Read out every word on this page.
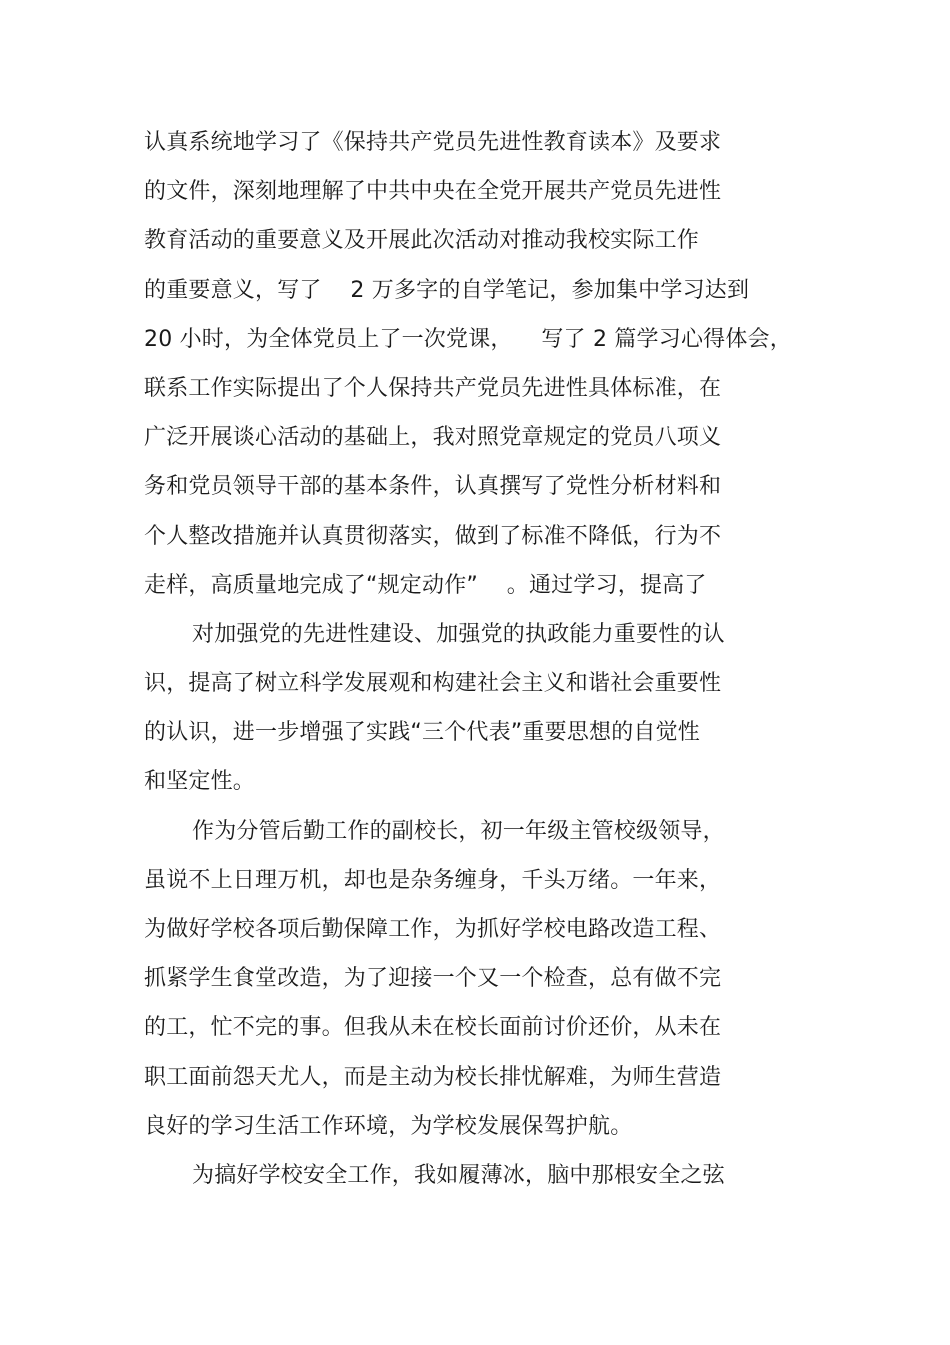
认真系统地学习了《保持共产党员先进性教育读本》及要求
的文件，深刻地理解了中共中央在全党开展共产党员先进性
教育活动的重要意义及开展此次活动对推动我校实际工作
的重要意义，写了    2 万多字的自学笔记，参加集中学习达到
20 小时，为全体党员上了一次党课，    写了 2 篇学习心得体会，
联系工作实际提出了个人保持共产党员先进性具体标准，在
广泛开展谈心活动的基础上，我对照党章规定的党员八项义
务和党员领导干部的基本条件，认真撰写了党性分析材料和
个人整改措施并认真贯彻落实，做到了标准不降低，行为不
走样，高质量地完成了“规定动作”    。通过学习，提高了
对加强党的先进性建设、加强党的执政能力重要性的认
识，提高了树立科学发展观和构建社会主义和谐社会重要性
的认识，进一步增强了实践“三个代表”重要思想的自觉性
和坚定性。
作为分管后勤工作的副校长，初一年级主管校级领导，
虽说不上日理万机，却也是杂务缠身，千头万绪。一年来，
为做好学校各项后勤保障工作，为抓好学校电路改造工程、
抓紧学生食堂改造，为了迎接一个又一个检查，总有做不完
的工，忙不完的事。但我从未在校长面前讨价还价，从未在
职工面前怨天尤人，而是主动为校长排忧解难，为师生营造
良好的学习生活工作环境，为学校发展保驾护航。
为搞好学校安全工作，我如履薄冰，脑中那根安全之弦
